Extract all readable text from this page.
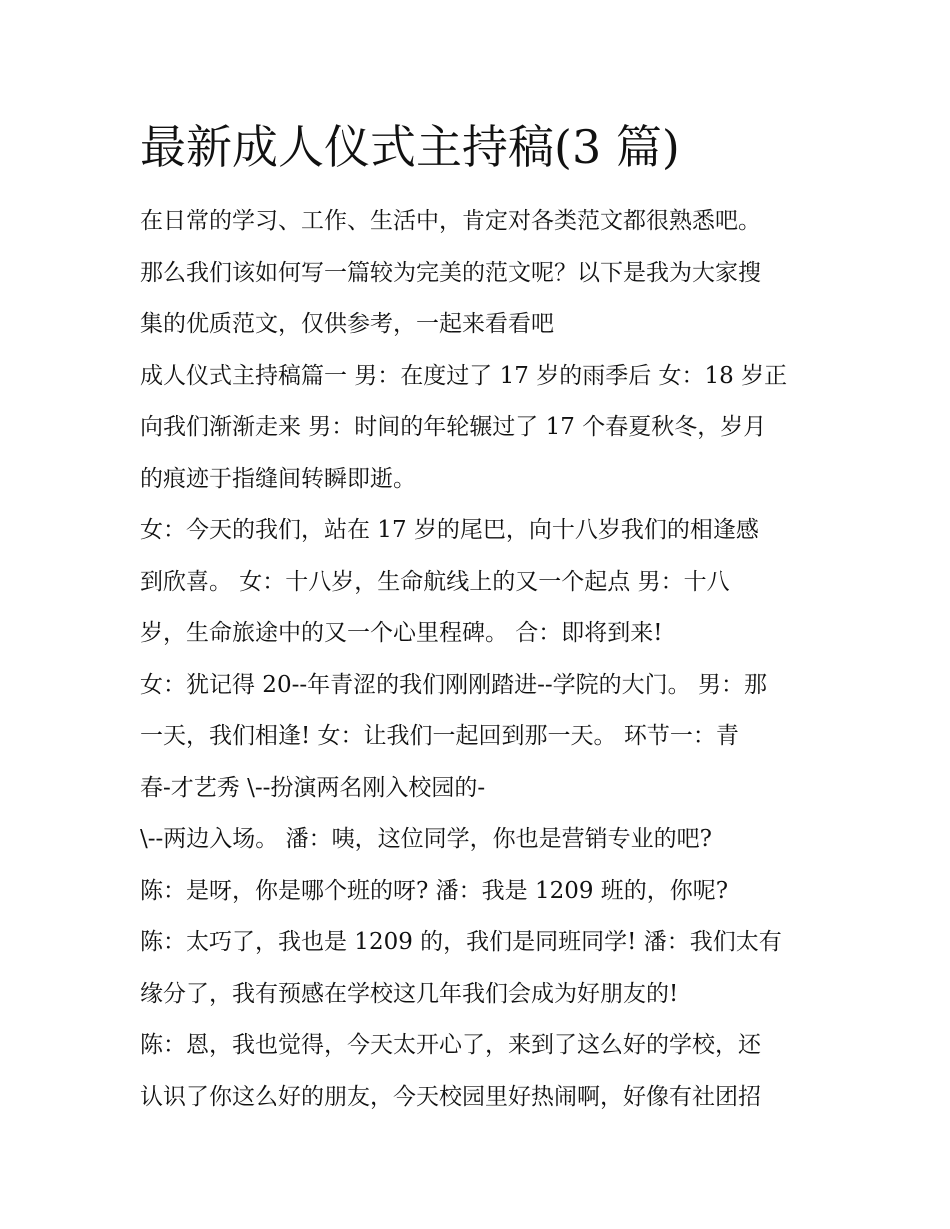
最新成人仪式主持稿(3 篇)

在日常的学习、工作、生活中，肯定对各类范文都很熟悉吧。

那么我们该如何写一篇较为完美的范文呢？以下是我为大家搜

集的优质范文，仅供参考，一起来看看吧

成人仪式主持稿篇一 男：在度过了 17 岁的雨季后 女：18 岁正

向我们渐渐走来 男：时间的年轮辗过了 17 个春夏秋冬，岁月

的痕迹于指缝间转瞬即逝。

女：今天的我们，站在 17 岁的尾巴，向十八岁我们的相逢感

到欣喜。 女：十八岁，生命航线上的又一个起点 男：十八

岁，生命旅途中的又一个心里程碑。 合：即将到来!

女：犹记得 20--年青涩的我们刚刚踏进--学院的大门。 男：那

一天，我们相逢! 女：让我们一起回到那一天。 环节一：青

春-才艺秀 \--扮演两名刚入校园的-

\--两边入场。 潘：咦，这位同学，你也是营销专业的吧?

陈：是呀，你是哪个班的呀? 潘：我是 1209 班的，你呢?

陈：太巧了，我也是 1209 的，我们是同班同学! 潘：我们太有

缘分了，我有预感在学校这几年我们会成为好朋友的!

陈：恩，我也觉得，今天太开心了，来到了这么好的学校，还

认识了你这么好的朋友，今天校园里好热闹啊，好像有社团招
